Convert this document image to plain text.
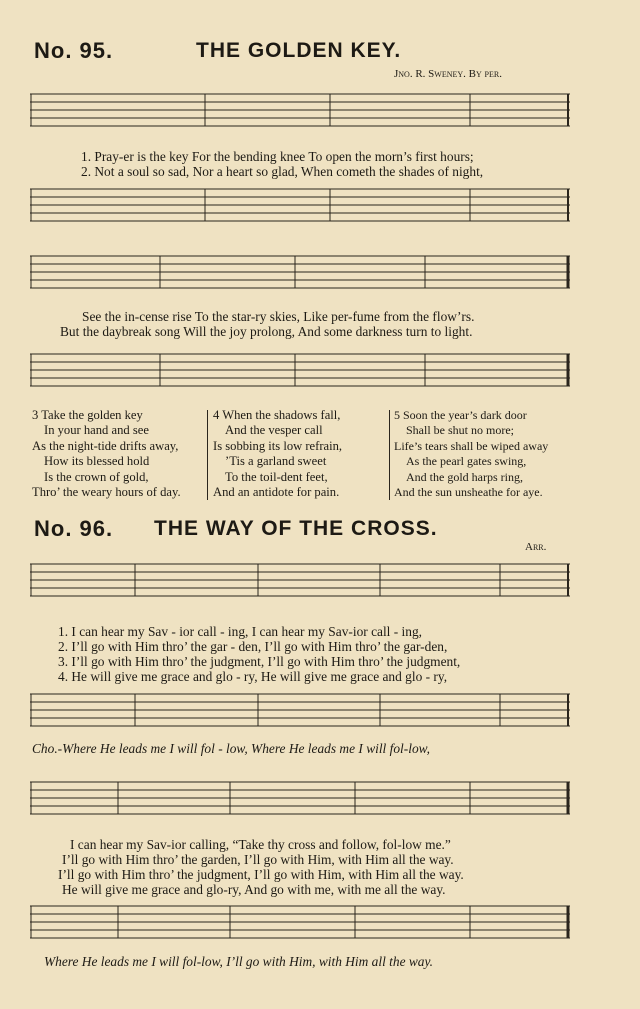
No. 95.	THE GOLDEN KEY.
Jno. R. Sweney. By per.
1. Pray-er is the key For the bending knee To open the morn’s first hours;
2. Not a soul so sad, Nor a heart so glad, When cometh the shades of night,
See the in-cense rise To the star-ry skies, Like per-fume from the flow’rs.
But the daybreak song Will the joy prolong, And some darkness turn to light.
3 Take the golden key
In your hand and see
As the night-tide drifts away,
How its blessed hold
Is the crown of gold,
Thro’ the weary hours of day.
4 When the shadows fall,
And the vesper call
Is sobbing its low refrain,
’Tis a garland sweet
To the toil-dent feet,
And an antidote for pain.
5 Soon the year’s dark door
Shall be shut no more;
Life’s tears shall be wiped away
As the pearl gates swing,
And the gold harps ring,
And the sun unsheathe for aye.
No. 96. THE WAY OF THE CROSS.
Arr.
1. I can hear my Sav - ior call - ing, I can hear my Sav-ior call - ing,
2. I’ll go with Him thro’ the gar - den, I’ll go with Him thro’ the gar-den,
3. I’ll go with Him thro’ the judgment, I’ll go with Him thro’ the judgment,
4. He will give me grace and glo - ry, He will give me grace and glo - ry,
Cho.-Where He leads me I will fol - low, Where He leads me I will fol-low,
I can hear my Sav-ior calling, “Take thy cross and follow, fol-low me.”
I’ll go with Him thro’ the garden, I’ll go with Him, with Him all the way.
I’ll go with Him thro’ the judgment, I’ll go with Him, with Him all the way.
He will give me grace and glo-ry, And go with me, with me all the way.
Where He leads me I will fol-low, I’ll go with Him, with Him all the way.
